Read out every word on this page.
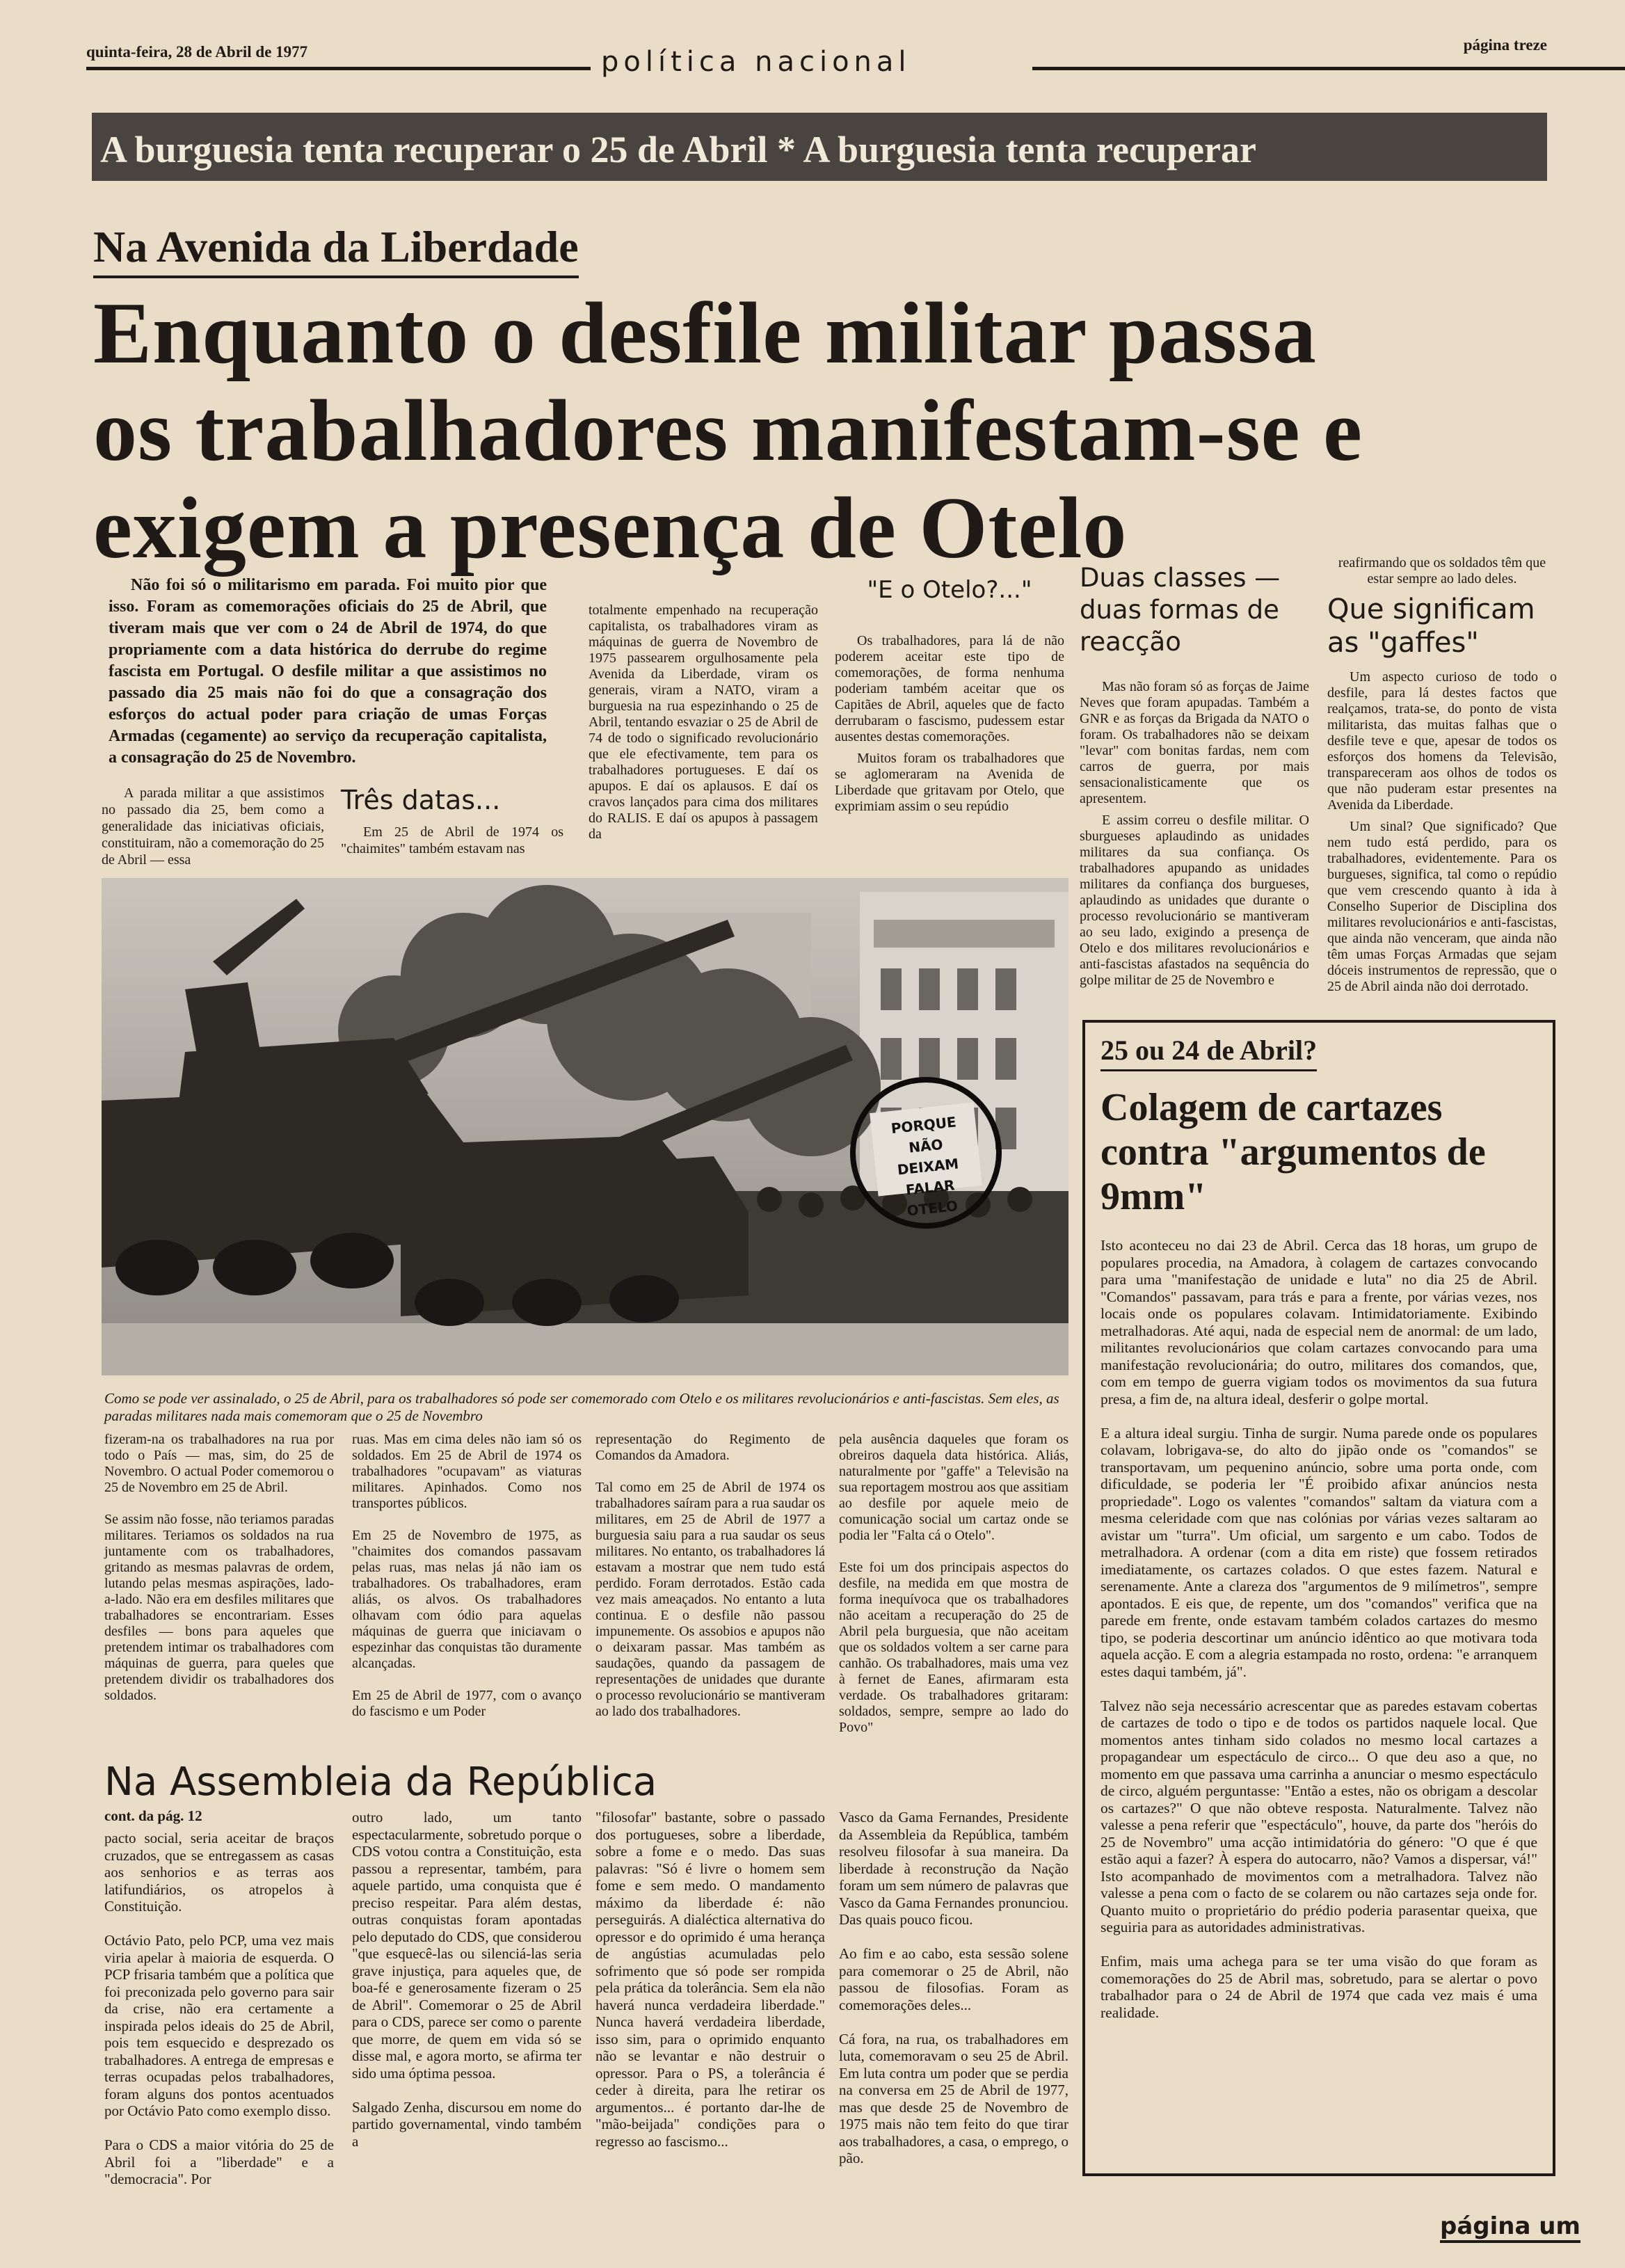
quinta-feira, 28 de Abril de 1977	política nacional
página treze
A burguesia tenta recuperar o 25 de Abril * A burguesia tenta recuperar
Na Avenida da Liberdade
Enquanto o desfile militar passa os trabalhadores manifestam-se e exigem a presença de Otelo

Não foi só o militarismo em parada. Foi muito pior que isso. Foram as comemorações oficiais do 25 de Abril, que tiveram mais que ver com o 24 de Abril de 1974, do que propriamente com a data histórica do derrube do regime fascista em Portugal. O desfile militar a que assistimos no passado dia 25 mais não foi do que a consagração dos esforços do actual poder para criação de umas Forças Armadas (cegamente) ao serviço da recuperação capitalista, a consagração do 25 de Novembro.

A parada militar a que assistimos no passado dia 25, bem como a generalidade das iniciativas oficiais, constituiram, não a comemoração do 25 de Abril — essa

Três datas...

Em 25 de Abril de 1974 os "chaimites" também estavam nas

totalmente empenhado na recuperação capitalista, os trabalhadores viram as máquinas de guerra de Novembro de 1975 passearem orgulhosamente pela Avenida da Liberdade, viram os generais, viram a NATO, viram a burguesia na rua espezinhando o 25 de Abril, tentando esvaziar o 25 de Abril de 74 de todo o significado revolucionário que ele efectivamente, tem para os trabalhadores portugueses. E daí os apupos. E daí os aplausos. E daí os cravos lançados para cima dos militares do RALIS. E daí os apupos à passagem da

"E o Otelo?..."

Os trabalhadores, para lá de não poderem aceitar este tipo de comemorações, de forma nenhuma poderiam também aceitar que os Capitães de Abril, aqueles que de facto derrubaram o fascismo, pudessem estar ausentes destas comemorações.

Muitos foram os trabalhadores que se aglomeraram na Avenida de Liberdade que gritavam por Otelo, que exprimiam assim o seu repúdio

Duas classes — duas formas de reacção

Mas não foram só as forças de Jaime Neves que foram apupadas. Também a GNR e as forças da Brigada da NATO o foram. Os trabalhadores não se deixam "levar" com bonitas fardas, nem com carros de guerra, por mais sensacionalisticamente que os apresentem.

E assim correu o desfile militar. O sburgueses aplaudindo as unidades militares da sua confiança. Os trabalhadores apupando as unidades militares da confiança dos burgueses, aplaudindo as unidades que durante o processo revolucionário se mantiveram ao seu lado, exigindo a presença de Otelo e dos militares revolucionários e anti-fascistas afastados na sequência do golpe militar de 25 de Novembro e

reafirmando que os soldados têm que estar sempre ao lado deles.

Que significam as "gaffes"

Um aspecto curioso de todo o desfile, para lá destes factos que realçamos, trata-se, do ponto de vista militarista, das muitas falhas que o desfile teve e que, apesar de todos os esforços dos homens da Televisão, transpareceram aos olhos de todos os que não puderam estar presentes na Avenida da Liberdade.

Um sinal? Que significado? Que nem tudo está perdido, para os trabalhadores, evidentemente. Para os burgueses, significa, tal como o repúdio que vem crescendo quanto à ida à Conselho Superior de Disciplina dos militares revolucionários e anti-fascistas, que ainda não venceram, que ainda não têm umas Forças Armadas que sejam dóceis instrumentos de repressão, que o 25 de Abril ainda não doi derrotado.

PORQUE NÃO DEIXAM FALAR OTELO
Como se pode ver assinalado, o 25 de Abril, para os trabalhadores só pode ser comemorado com Otelo e os militares revolucionários e anti-fascistas. Sem eles, as paradas militares nada mais comemoram que o 25 de Novembro
fizeram-na os trabalhadores na rua por todo o País — mas, sim, do 25 de Novembro. O actual Poder comemorou o 25 de Novembro em 25 de Abril.

Se assim não fosse, não teriamos paradas militares. Teriamos os soldados na rua juntamente com os trabalhadores, gritando as mesmas palavras de ordem, lutando pelas mesmas aspirações, lado-a-lado. Não era em desfiles militares que trabalhadores se encontrariam. Esses desfiles — bons para aqueles que pretendem intimar os trabalhadores com máquinas de guerra, para queles que pretendem dividir os trabalhadores dos soldados.
ruas. Mas em cima deles não iam só os soldados. Em 25 de Abril de 1974 os trabalhadores "ocupavam" as viaturas militares. Apinhados. Como nos transportes públicos.

Em 25 de Novembro de 1975, as "chaimites dos comandos passavam pelas ruas, mas nelas já não iam os trabalhadores. Os trabalhadores, eram aliás, os alvos. Os trabalhadores olhavam com ódio para aquelas máquinas de guerra que iniciavam o espezinhar das conquistas tão duramente alcançadas.

Em 25 de Abril de 1977, com o avanço do fascismo e um Poder
representação do Regimento de Comandos da Amadora.

Tal como em 25 de Abril de 1974 os trabalhadores saíram para a rua saudar os militares, em 25 de Abril de 1977 a burguesia saiu para a rua saudar os seus militares. No entanto, os trabalhadores lá estavam a mostrar que nem tudo está perdido. Foram derrotados. Estão cada vez mais ameaçados. No entanto a luta continua. E o desfile não passou impunemente. Os assobios e apupos não o deixaram passar. Mas também as saudações, quando da passagem de representações de unidades que durante o processo revolucionário se mantiveram ao lado dos trabalhadores.
pela ausência daqueles que foram os obreiros daquela data histórica. Aliás, naturalmente por "gaffe" a Televisão na sua reportagem mostrou aos que assitiam ao desfile por aquele meio de comunicação social um cartaz onde se podia ler "Falta cá o Otelo".

Este foi um dos principais aspectos do desfile, na medida em que mostra de forma inequívoca que os trabalhadores não aceitam a recuperação do 25 de Abril pela burguesia, que não aceitam que os soldados voltem a ser carne para canhão. Os trabalhadores, mais uma vez à fernet de Eanes, afirmaram esta verdade. Os trabalhadores gritaram: soldados, sempre, sempre ao lado do Povo"
25 ou 24 de Abril?
Colagem de cartazes contra "argumentos de 9mm"
Isto aconteceu no dai 23 de Abril. Cerca das 18 horas, um grupo de populares procedia, na Amadora, à colagem de cartazes convocando para uma "manifestação de unidade e luta" no dia 25 de Abril. "Comandos" passavam, para trás e para a frente, por várias vezes, nos locais onde os populares colavam. Intimidatoriamente. Exibindo metralhadoras. Até aqui, nada de especial nem de anormal: de um lado, militantes revolucionários que colam cartazes convocando para uma manifestação revolucionária; do outro, militares dos comandos, que, com em tempo de guerra vigiam todos os movimentos da sua futura presa, a fim de, na altura ideal, desferir o golpe mortal.

E a altura ideal surgiu. Tinha de surgir. Numa parede onde os populares colavam, lobrigava-se, do alto do jipão onde os "comandos" se transportavam, um pequenino anúncio, sobre uma porta onde, com dificuldade, se poderia ler "É proibido afixar anúncios nesta propriedade". Logo os valentes "comandos" saltam da viatura com a mesma celeridade com que nas colónias por várias vezes saltaram ao avistar um "turra". Um oficial, um sargento e um cabo. Todos de metralhadora. A ordenar (com a dita em riste) que fossem retirados imediatamente, os cartazes colados. O que estes fazem. Natural e serenamente. Ante a clareza dos "argumentos de 9 milímetros", sempre apontados. E eis que, de repente, um dos "comandos" verifica que na parede em frente, onde estavam também colados cartazes do mesmo tipo, se poderia descortinar um anúncio idêntico ao que motivara toda aquela acção. E com a alegria estampada no rosto, ordena: "e arranquem estes daqui também, já".

Talvez não seja necessário acrescentar que as paredes estavam cobertas de cartazes de todo o tipo e de todos os partidos naquele local. Que momentos antes tinham sido colados no mesmo local cartazes a propagandear um espectáculo de circo... O que deu aso a que, no momento em que passava uma carrinha a anunciar o mesmo espectáculo de circo, alguém perguntasse: "Então a estes, não os obrigam a descolar os cartazes?" O que não obteve resposta. Naturalmente. Talvez não valesse a pena referir que "espectáculo", houve, da parte dos "heróis do 25 de Novembro" uma acção intimidatória do género: "O que é que estão aqui a fazer? À espera do autocarro, não? Vamos a dispersar, vá!" Isto acompanhado de movimentos com a metralhadora. Talvez não valesse a pena com o facto de se colarem ou não cartazes seja onde for. Quanto muito o proprietário do prédio poderia parasentar queixa, que seguiria para as autoridades administrativas.

Enfim, mais uma achega para se ter uma visão do que foram as comemorações do 25 de Abril mas, sobretudo, para se alertar o povo trabalhador para o 24 de Abril de 1974 que cada vez mais é uma realidade.
Na Assembleia da República
cont. da pág. 12
pacto social, seria aceitar de braços cruzados, que se entregassem as casas aos senhorios e as terras aos latifundiários, os atropelos à Constituição.

Octávio Pato, pelo PCP, uma vez mais viria apelar à maioria de esquerda. O PCP frisaria também que a política que foi preconizada pelo governo para sair da crise, não era certamente a inspirada pelos ideais do 25 de Abril, pois tem esquecido e desprezado os trabalhadores. A entrega de empresas e terras ocupadas pelos trabalhadores, foram alguns dos pontos acentuados por Octávio Pato como exemplo disso.

Para o CDS a maior vitória do 25 de Abril foi a "liberdade" e a "democracia". Por
outro lado, um tanto espectacularmente, sobretudo porque o CDS votou contra a Constituição, esta passou a representar, também, para aquele partido, uma conquista que é preciso respeitar. Para além destas, outras conquistas foram apontadas pelo deputado do CDS, que considerou "que esquecê-las ou silenciá-las seria grave injustiça, para aqueles que, de boa-fé e generosamente fizeram o 25 de Abril". Comemorar o 25 de Abril para o CDS, parece ser como o parente que morre, de quem em vida só se disse mal, e agora morto, se afirma ter sido uma óptima pessoa.

Salgado Zenha, discursou em nome do partido governamental, vindo também a
"filosofar" bastante, sobre o passado dos portugueses, sobre a liberdade, sobre a fome e o medo. Das suas palavras: "Só é livre o homem sem fome e sem medo. O mandamento máximo da liberdade é: não perseguirás. A dialéctica alternativa do opressor e do oprimido é uma herança de angústias acumuladas pelo sofrimento que só pode ser rompida pela prática da tolerância. Sem ela não haverá nunca verdadeira liberdade." Nunca haverá verdadeira liberdade, isso sim, para o oprimido enquanto não se levantar e não destruir o opressor. Para o PS, a tolerância é ceder à direita, para lhe retirar os argumentos... é portanto dar-lhe de "mão-beijada" condições para o regresso ao fascismo...
Vasco da Gama Fernandes, Presidente da Assembleia da República, também resolveu filosofar à sua maneira. Da liberdade à reconstrução da Nação foram um sem número de palavras que Vasco da Gama Fernandes pronunciou. Das quais pouco ficou.

Ao fim e ao cabo, esta sessão solene para comemorar o 25 de Abril, não passou de filosofias. Foram as comemorações deles...

Cá fora, na rua, os trabalhadores em luta, comemoravam o seu 25 de Abril. Em luta contra um poder que se perdia na conversa em 25 de Abril de 1977, mas que desde 25 de Novembro de 1975 mais não tem feito do que tirar aos trabalhadores, a casa, o emprego, o pão.
página um
